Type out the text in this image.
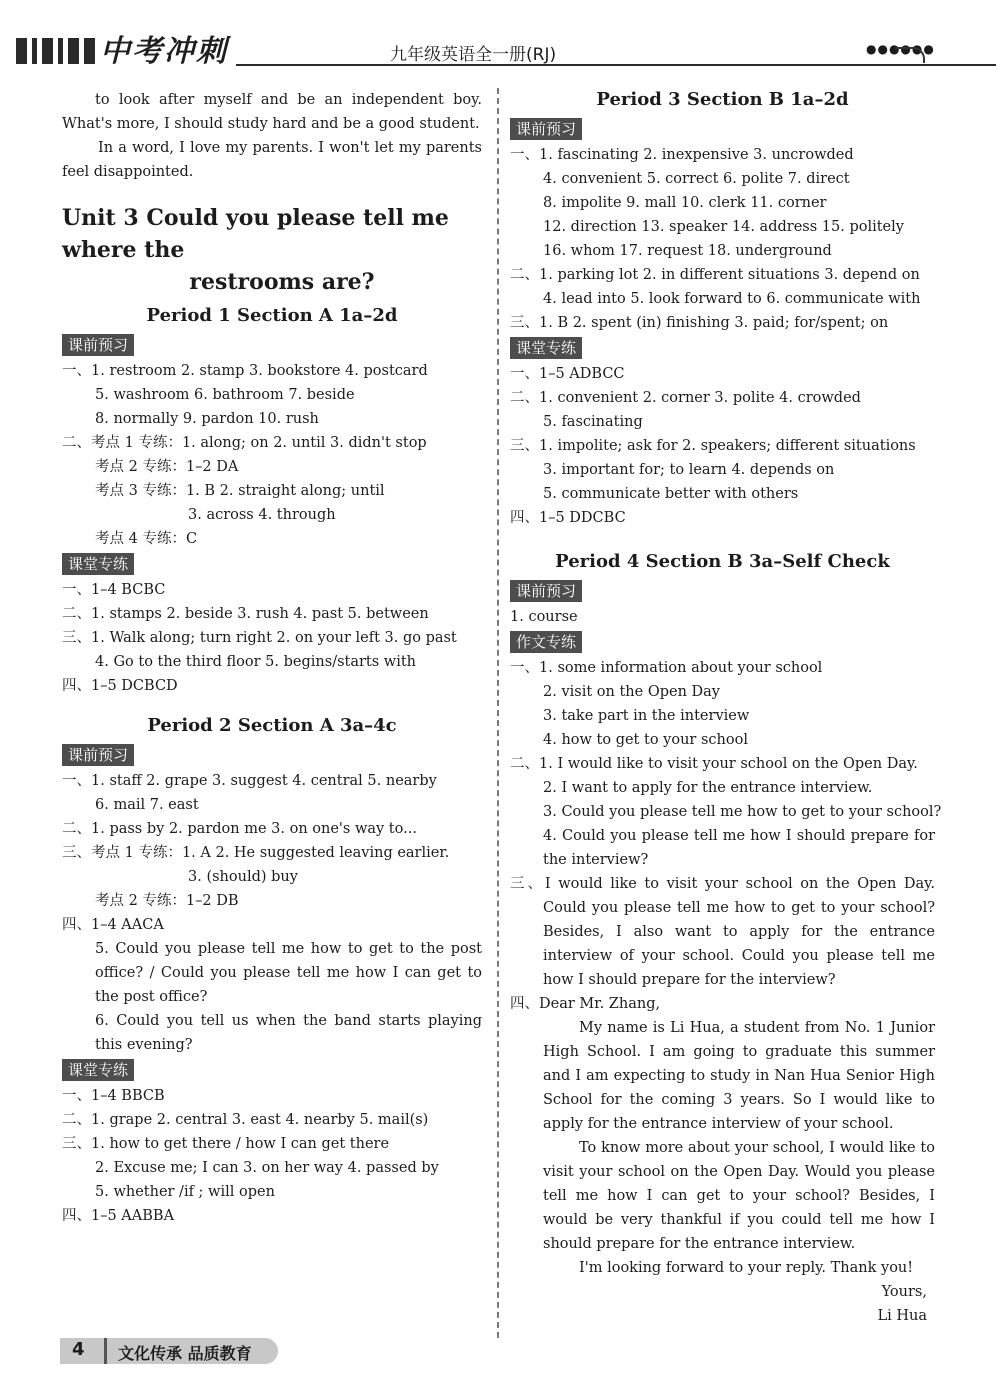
中考冲刺	九年级英语全一册(RJ)	●●●●●●
to look after myself and be an independent boy. What's more, I should study hard and be a good student.
In a word, I love my parents. I won't let my parents feel disappointed.
Unit 3 Could you please tell me where the
restrooms are?
Period 1 Section A 1a–2d
课前预习
一、1. restroom 2. stamp 3. bookstore 4. postcard
5. washroom 6. bathroom 7. beside
8. normally 9. pardon 10. rush
二、考点 1 专练：1. along; on 2. until 3. didn't stop
考点 2 专练：1–2 DA
考点 3 专练：1. B 2. straight along; until
3. across 4. through
考点 4 专练：C
课堂专练
一、1–4 BCBC
二、1. stamps 2. beside 3. rush 4. past 5. between
三、1. Walk along; turn right 2. on your left 3. go past
4. Go to the third floor 5. begins/starts with
四、1–5 DCBCD
Period 2 Section A 3a–4c
课前预习
一、1. staff 2. grape 3. suggest 4. central 5. nearby
6. mail 7. east
二、1. pass by 2. pardon me 3. on one's way to...
三、考点 1 专练：1. A 2. He suggested leaving earlier.
3. (should) buy
考点 2 专练：1–2 DB
四、1–4 AACA
5. Could you please tell me how to get to the post office? / Could you please tell me how I can get to the post office?
6. Could you tell us when the band starts playing this evening?
课堂专练
一、1–4 BBCB
二、1. grape 2. central 3. east 4. nearby 5. mail(s)
三、1. how to get there / how I can get there
2. Excuse me; I can 3. on her way 4. passed by
5. whether /if ; will open
四、1–5 AABBA
Period 3 Section B 1a–2d
课前预习
一、1. fascinating 2. inexpensive 3. uncrowded
4. convenient 5. correct 6. polite 7. direct
8. impolite 9. mall 10. clerk 11. corner
12. direction 13. speaker 14. address 15. politely
16. whom 17. request 18. underground
二、1. parking lot 2. in different situations 3. depend on
4. lead into 5. look forward to 6. communicate with
三、1. B 2. spent (in) finishing 3. paid; for/spent; on
课堂专练
一、1–5 ADBCC
二、1. convenient 2. corner 3. polite 4. crowded
5. fascinating
三、1. impolite; ask for 2. speakers; different situations
3. important for; to learn 4. depends on
5. communicate better with others
四、1–5 DDCBC
Period 4 Section B 3a–Self Check
课前预习
1. course
作文专练
一、1. some information about your school
2. visit on the Open Day
3. take part in the interview
4. how to get to your school
二、1. I would like to visit your school on the Open Day.
2. I want to apply for the entrance interview.
3. Could you please tell me how to get to your school?
4. Could you please tell me how I should prepare for the interview?
三、I would like to visit your school on the Open Day. Could you please tell me how to get to your school? Besides, I also want to apply for the entrance interview of your school. Could you please tell me how I should prepare for the interview?
四、Dear Mr. Zhang,
My name is Li Hua, a student from No. 1 Junior High School. I am going to graduate this summer and I am expecting to study in Nan Hua Senior High School for the coming 3 years. So I would like to apply for the entrance interview of your school.
To know more about your school, I would like to visit your school on the Open Day. Would you please tell me how I can get to your school? Besides, I would be very thankful if you could tell me how I should prepare for the entrance interview.
I'm looking forward to your reply. Thank you!
Yours,
Li Hua
4 文化传承 品质教育
